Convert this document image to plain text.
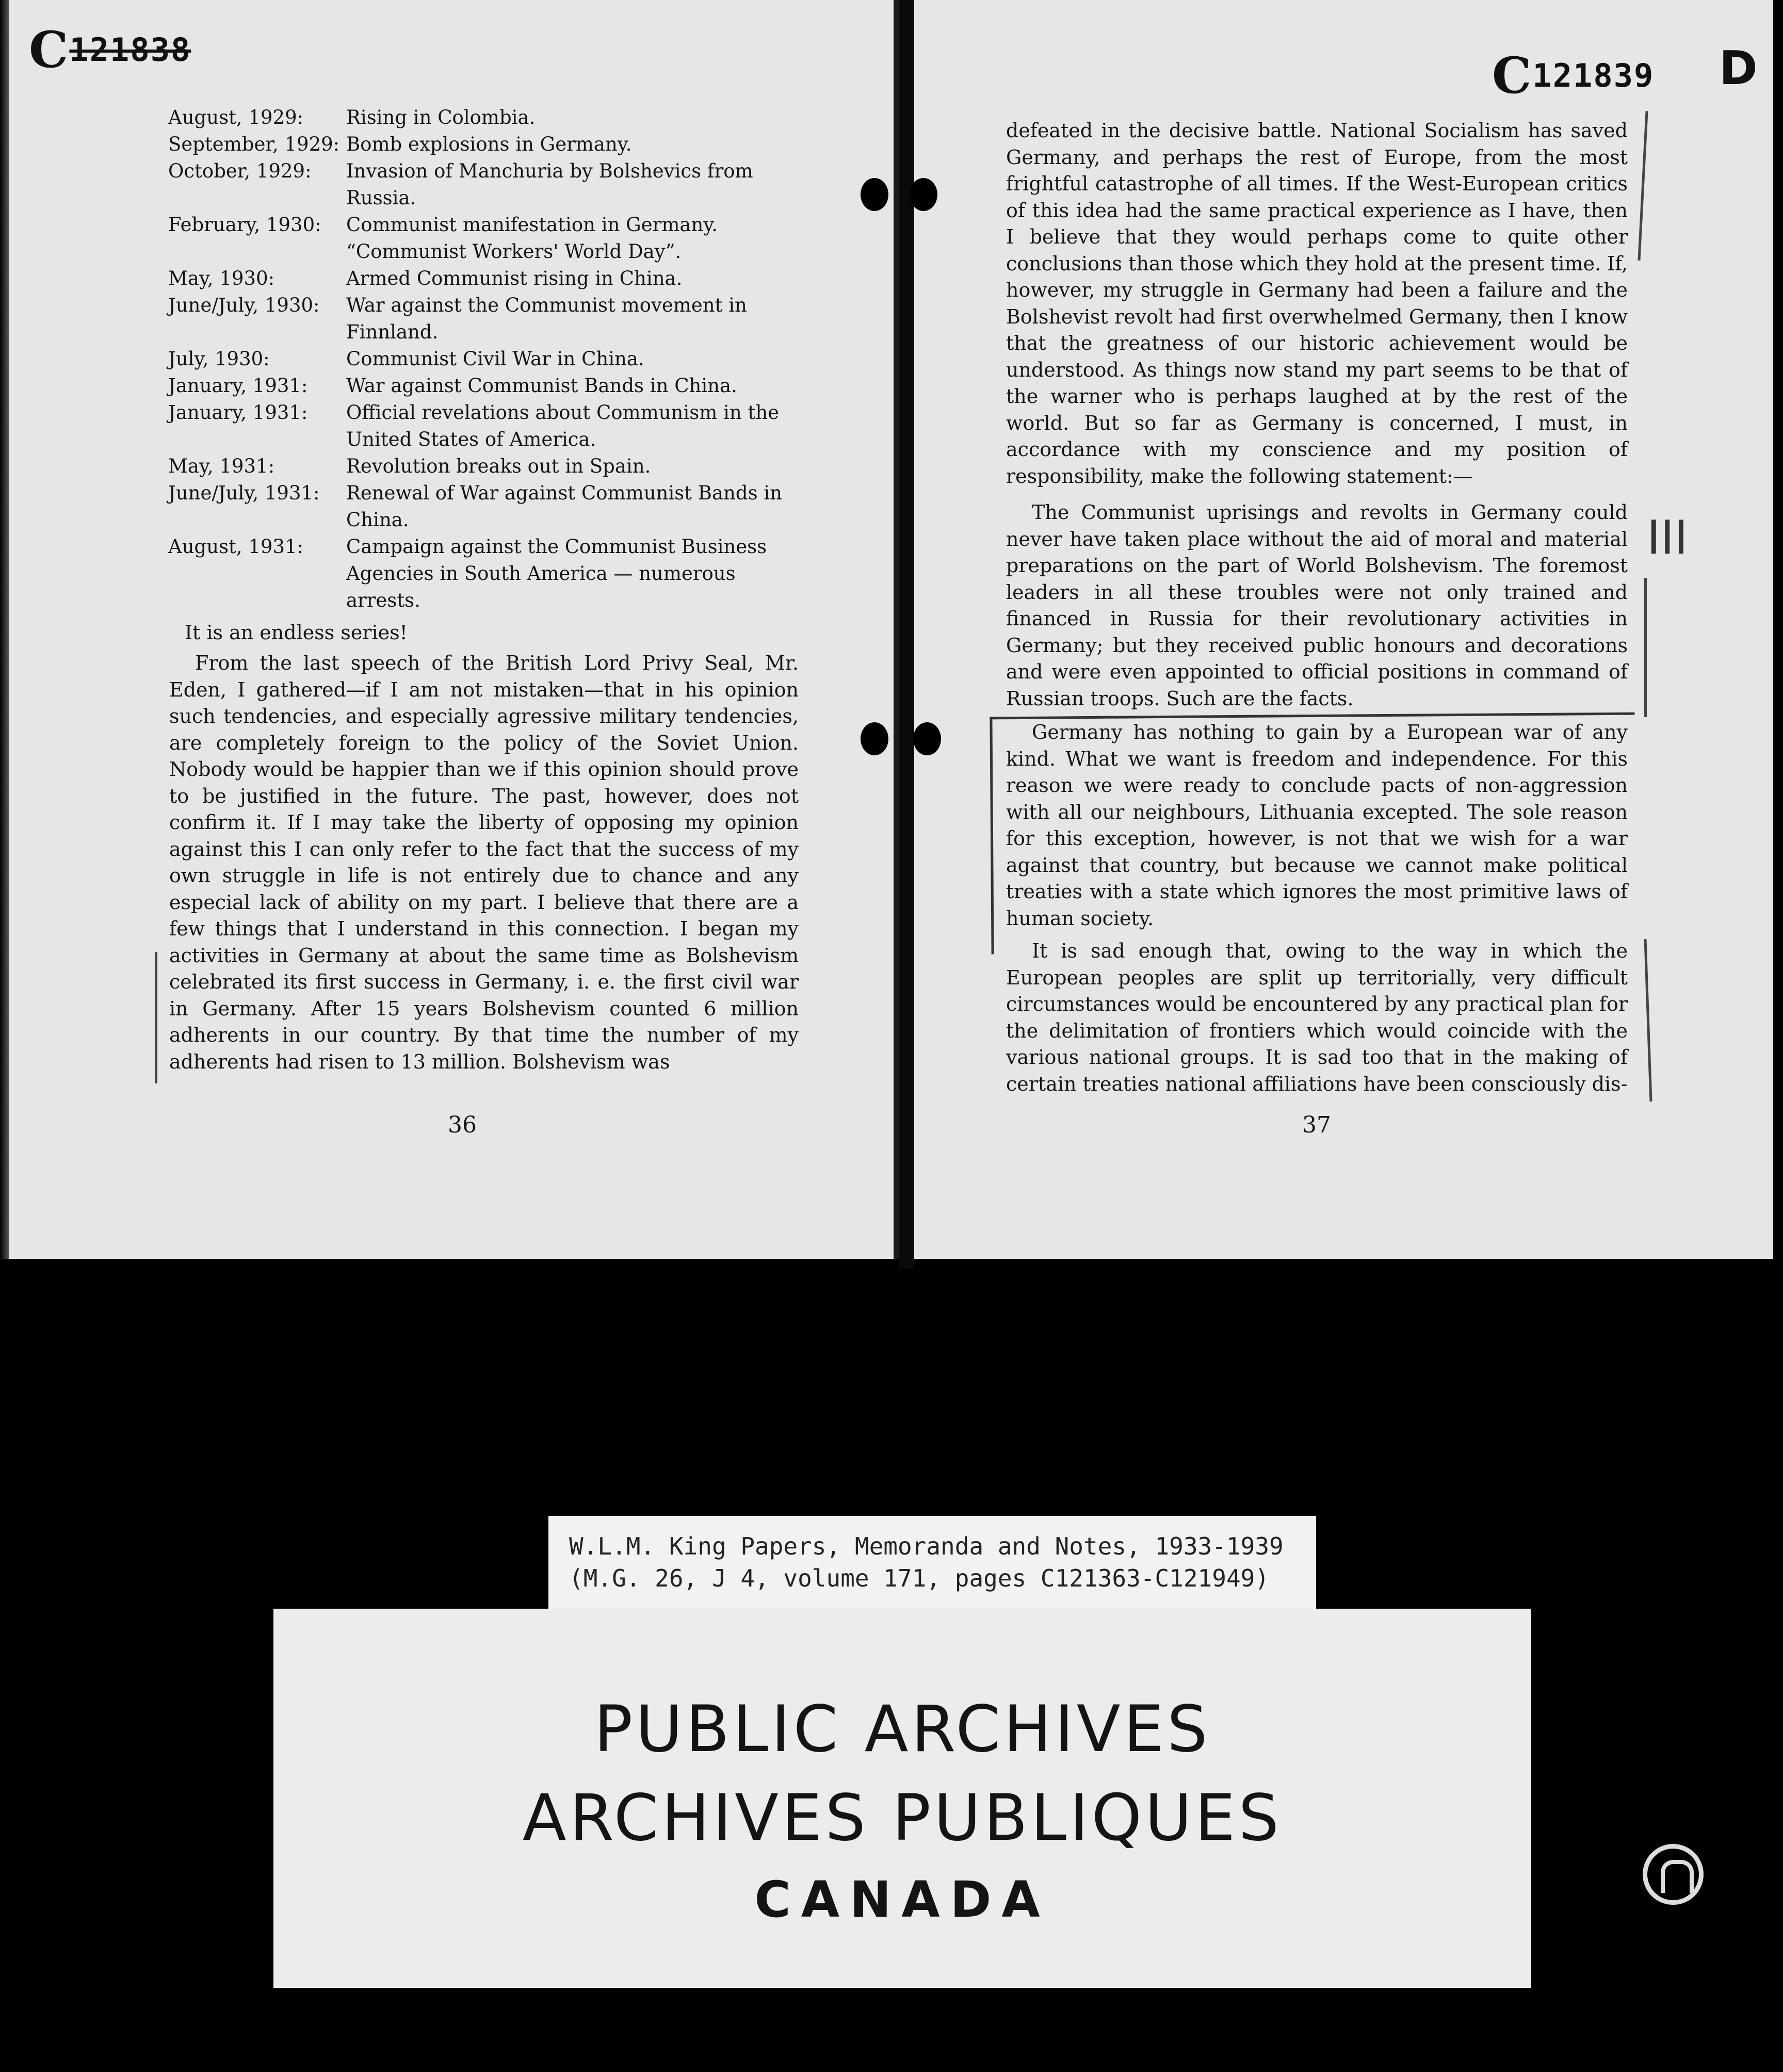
C121838
August, 1929:	Rising in Colombia.
September, 1929: Bomb explosions in Germany.
October, 1929:	Invasion of Manchuria by Bolshevics from Russia.
February, 1930:	Communist manifestation in Germany. “Communist Workers' World Day”.
May, 1930:	Armed Communist rising in China.
June/July, 1930:	War against the Communist movement in Finnland.
July, 1930:	Communist Civil War in China.
January, 1931:	War against Communist Bands in China.
January, 1931:	Official revelations about Communism in the United States of America.
May, 1931:	Revolution breaks out in Spain.
June/July, 1931:	Renewal of War against Communist Bands in China.
August, 1931:	Campaign against the Communist Business Agencies in South America — numerous arrests.
It is an endless series!
From the last speech of the British Lord Privy Seal, Mr. Eden, I gathered—if I am not mistaken—that in his opinion such tendencies, and especially agressive military tendencies, are completely foreign to the policy of the Soviet Union. Nobody would be happier than we if this opinion should prove to be justified in the future. The past, however, does not confirm it. If I may take the liberty of opposing my opinion against this I can only refer to the fact that the success of my own struggle in life is not entirely due to chance and any especial lack of ability on my part. I believe that there are a few things that I understand in this connection. I began my activities in Germany at about the same time as Bolshevism celebrated its first success in Germany, i. e. the first civil war in Germany. After 15 years Bolshevism counted 6 million adherents in our country. By that time the number of my adherents had risen to 13 million. Bolshevism was
36
C121839 D
defeated in the decisive battle. National Socialism has saved Germany, and perhaps the rest of Europe, from the most frightful catastrophe of all times. If the West-European critics of this idea had the same practical experience as I have, then I believe that they would perhaps come to quite other conclusions than those which they hold at the present time. If, however, my struggle in Germany had been a failure and the Bolshevist revolt had first overwhelmed Germany, then I know that the greatness of our historic achievement would be understood. As things now stand my part seems to be that of the warner who is perhaps laughed at by the rest of the world. But so far as Germany is concerned, I must, in accordance with my conscience and my position of responsibility, make the following statement:—
The Communist uprisings and revolts in Germany could never have taken place without the aid of moral and material preparations on the part of World Bolshevism. The foremost leaders in all these troubles were not only trained and financed in Russia for their revolutionary activities in Germany; but they received public honours and decorations and were even appointed to official positions in command of Russian troops. Such are the facts.
Germany has nothing to gain by a European war of any kind. What we want is freedom and independence. For this reason we were ready to conclude pacts of non-aggression with all our neighbours, Lithuania excepted. The sole reason for this exception, however, is not that we wish for a war against that country, but because we cannot make political treaties with a state which ignores the most primitive laws of human society.
It is sad enough that, owing to the way in which the European peoples are split up territorially, very difficult circumstances would be encountered by any practical plan for the delimitation of frontiers which would coincide with the various national groups. It is sad too that in the making of certain treaties national affiliations have been consciously dis-
ΙΙΙ
37
W.L.M. King Papers, Memoranda and Notes, 1933-1939
(M.G. 26, J 4, volume 171, pages C121363-C121949)
PUBLIC ARCHIVES
ARCHIVES PUBLIQUES
CANADA
